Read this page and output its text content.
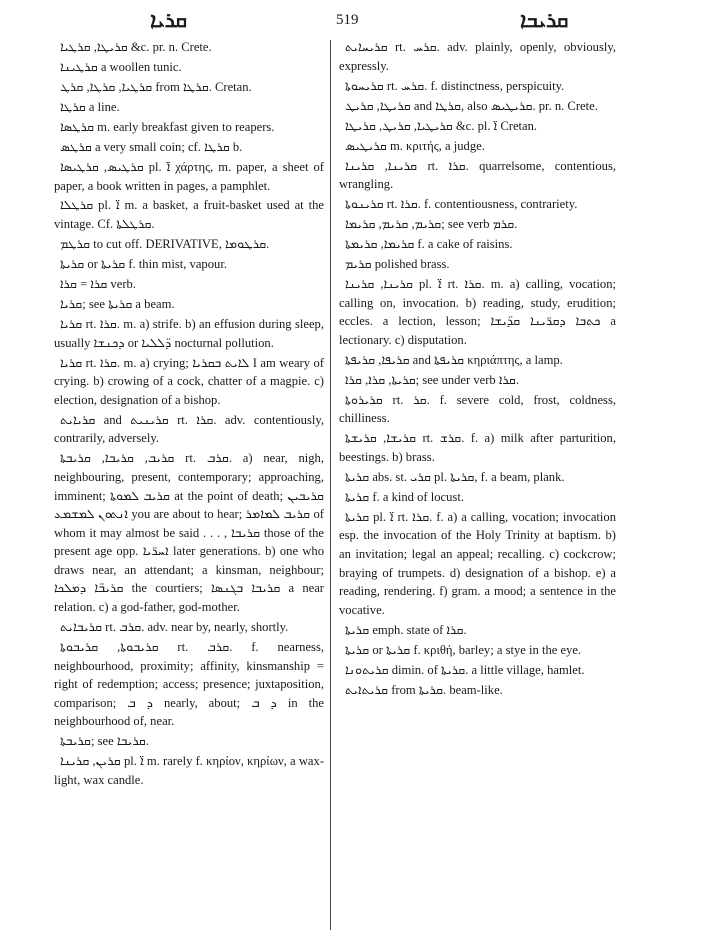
ܩܪܝܐ	519	ܩܪܝܒܐ

ܩܪܝܛܐ, ܩܪܛܝܐ &c. pr. n. Crete.

ܩܪܛܝܢܐ a woollen tunic.

ܩܪܛܝܐ, ܩܪܛܐ, ܩܪܛ from ܩܪܛܐ. Cretan.

ܩܪܛܐ a line.

ܩܪܛܣܐ m. early breakfast given to reapers.

ܩܪܛܣ a very small coin; cf. ܩܪܛܐ b.

ܩܪܛܝܣ, ܩܪܛܝܣܐ pl. ܐ̈ χάρτης, m. paper, a sheet of paper, a book written in pages, a pamphlet.

ܩܪܛܠܐ pl. ܐ̈ m. a basket, a fruit-basket used at the vintage. Cf. ܩܪܛܠܬܐ.

ܩܪܛܡ to cut off. DERIVATIVE, ܩܪܛܘܡܐ.

ܩܪܝܬܐ or ܩܪܝܬܐ f. thin mist, vapour.

ܩܪܐ = ܩܪܐ verb.

ܩܪܝܐ; see ܩܪܝܬܐ a beam.

ܩܪܝܐ rt. ܩܪܐ. m. a) strife. b) an effusion during sleep, usually ܕܟܢܫܐ or ܕ̈ܠܠܝܐ nocturnal pollution.

ܩܪܝܐ rt. ܩܪܐ. m. a) crying; ܠܐܝܬ ܒܩܪܝܐ I am weary of crying. b) crowing of a cock, chatter of a magpie. c) election, designation of a bishop.

ܩܪܝܐܝܬ and ܩܪܝܢܝܬ rt. ܩܪܐ. adv. contentiously, contrarily, adversely.

ܩܪܝܒ, ܩܪܝܒܐ, ܩܪܝܒܬܐ rt. ܩܪܒ. a) near, nigh, neighbouring, present, contemporary; approaching, imminent; ܩܪܝܒ ܠܡܘܬܐ at the point of death; ܩܪܝܒܝܢ ܐܢܬܘܢ ܠܡܫܡܥ you are about to hear; ܩܪܝܒ ܠܡܐܡܪ of whom it may almost be said . . . , ܩܪܝܒܐ those of the present age opp. ܐܚܪ̈ܝܐ later generations. b) one who draws near, an attendant; a kinsman, neighbour; ܩܪܝܒ̈ܐ ܕܡܠܟܐ the courtiers; ܩܪܝܒܐ ܒܓܢܣܐ a near relation. c) a god-father, god-mother.

ܩܪܝܒܐܝܬ rt. ܩܪܒ. adv. near by, nearly, shortly.

ܩܪܝܒܘܬܐ, ܩܪܝܒܘܬܐ rt. ܩܪܒ. f. nearness, neighbourhood, proximity; affinity, kinsmanship = right of redemption; access; presence; juxtaposition, comparison; ܕ ܒ nearly, about; ܕ ܒ in the neighbourhood of, near.

ܩܪܝܒܬܐ; see ܩܪܝܒܐ.

ܩܪܝܢ, ܩܪܝܢܐ pl. ܐ̈ m. rarely f. κηρίον, κηρίων, a wax-light, wax candle.

ܩܪܝܚܐܝܬ rt. ܩܪܚ. adv. plainly, openly, obviously, expressly.

ܩܪܝܚܘܬܐ rt. ܩܪܚ. f. distinctness, perspicuity.

ܩܪܝܛܐ, ܩܪܝܛ and ܩܪܛܐ, also ܩܪܝܛܝܣ. pr. n. Crete.

ܩܪܝܛܝܐ, ܩܪܝܛ, ܩܪܝܛܐ &c. pl. ܐ̈ Cretan.

ܩܪܝܛܝܣ m. κριτής, a judge.

ܩܪܝܢܐ, ܩܪܝܢܐ rt. ܩܪܐ. quarrelsome, contentious, wrangling.

ܩܪܝܢܘܬܐ rt. ܩܪܐ. f. contentiousness, contrariety.

ܩܪܝܡ, ܩܪܝܡ, ܩܪܝܡܐ; see verb ܩܪܡ.

ܩܪܝܡܐ, ܩܪܝܡܬܐ f. a cake of raisins.

ܩܪܝܡ polished brass.

ܩܪܝܢܐ, ܩܪܝܢܐ pl. ܐ̈ rt. ܩܪܐ. m. a) calling, vocation; calling on, invocation. b) reading, study, erudition; eccles. a lection, lesson; ܟܬܒܐ ܕܩܪ̈ܝܢܐ ܩܕ̈ܝܫܐ a lectionary. c) disputation.

ܩܪܝܦܐ, ܩܪܝܦܬܐ and ܩܪܝܦܬܐ κηριάπτης, a lamp.

ܩܪܝܬܐ, ܩܪܐ, ܩܪܐ; see under verb ܩܪܐ.

ܩܪܝܪܘܬܐ rt. ܩܪ. f. severe cold, frost, coldness, chilliness.

ܩܪܝܫܐ, ܩܪܝܫܬܐ rt. ܩܪܫ. f. a) milk after parturition, beestings. b) brass.

ܩܪܝܬܐ abs. st. ܩܪܝ pl. ܩܪܝܬܐ, f. a beam, plank.

ܩܪܝܬܐ f. a kind of locust.

ܩܪܝܬܐ pl. ܐ̈ rt. ܩܪܐ. f. a) a calling, vocation; invocation esp. the invocation of the Holy Trinity at baptism. b) an invitation; legal an appeal; recalling. c) cockcrow; braying of trumpets. d) designation of a bishop. e) a reading, rendering. f) gram. a mood; a sentence in the vocative.

ܩܪܝܬܐ emph. state of ܩܪܐ.

ܩܪܝܬܐ or ܩܪܝܬܐ f. κριθή, barley; a stye in the eye.

ܩܪܝܬܘܢܐ dimin. of ܩܪܝܬܐ. a little village, hamlet.

ܩܪܝܬܐܝܬ from ܩܪܝܬܐ. beam-like.
